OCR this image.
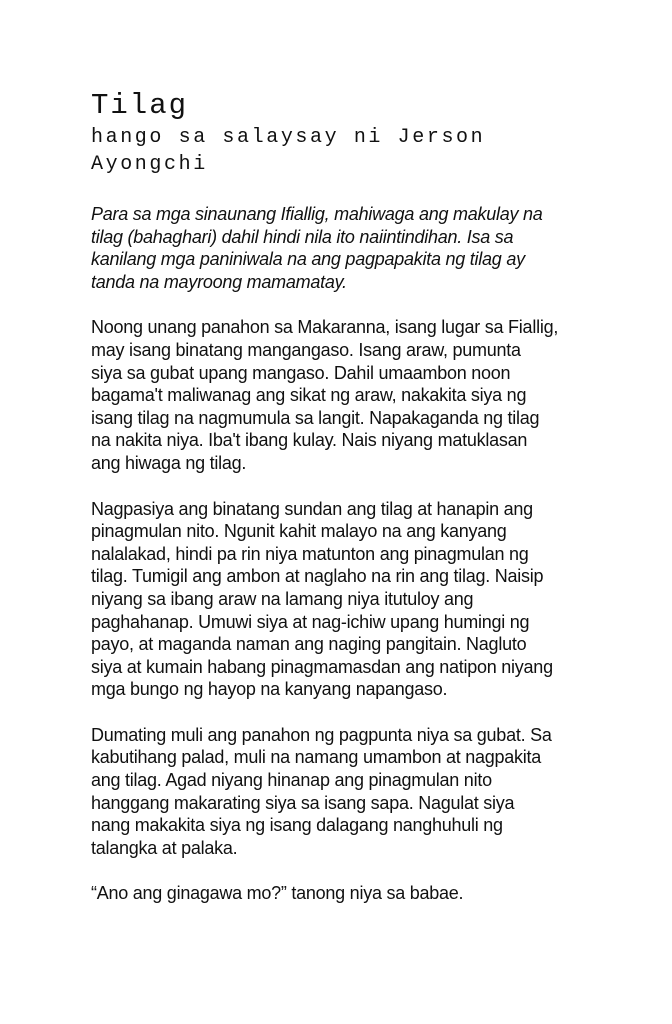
Tilag
hango sa salaysay ni Jerson
Ayongchi

Para sa mga sinaunang Ifiallig, mahiwaga ang makulay na
tilag (bahaghari) dahil hindi nila ito naiintindihan. Isa sa
kanilang mga paniniwala na ang pagpapakita ng tilag ay
tanda na mayroong mamamatay.

Noong unang panahon sa Makaranna, isang lugar sa Fiallig,
may isang binatang mangangaso. Isang araw, pumunta
siya sa gubat upang mangaso. Dahil umaambon noon
bagama't maliwanag ang sikat ng araw, nakakita siya ng
isang tilag na nagmumula sa langit. Napakaganda ng tilag
na nakita niya. Iba't ibang kulay. Nais niyang matuklasan
ang hiwaga ng tilag.

Nagpasiya ang binatang sundan ang tilag at hanapin ang
pinagmulan nito. Ngunit kahit malayo na ang kanyang
nalalakad, hindi pa rin niya matunton ang pinagmulan ng
tilag. Tumigil ang ambon at naglaho na rin ang tilag. Naisip
niyang sa ibang araw na lamang niya itutuloy ang
paghahanap. Umuwi siya at nag-ichiw upang humingi ng
payo, at maganda naman ang naging pangitain. Nagluto
siya at kumain habang pinagmamasdan ang natipon niyang
mga bungo ng hayop na kanyang napangaso.

Dumating muli ang panahon ng pagpunta niya sa gubat. Sa
kabutihang palad, muli na namang umambon at nagpakita
ang tilag. Agad niyang hinanap ang pinagmulan nito
hanggang makarating siya sa isang sapa. Nagulat siya
nang makakita siya ng isang dalagang nanghuhuli ng
talangka at palaka.

“Ano ang ginagawa mo?” tanong niya sa babae.
